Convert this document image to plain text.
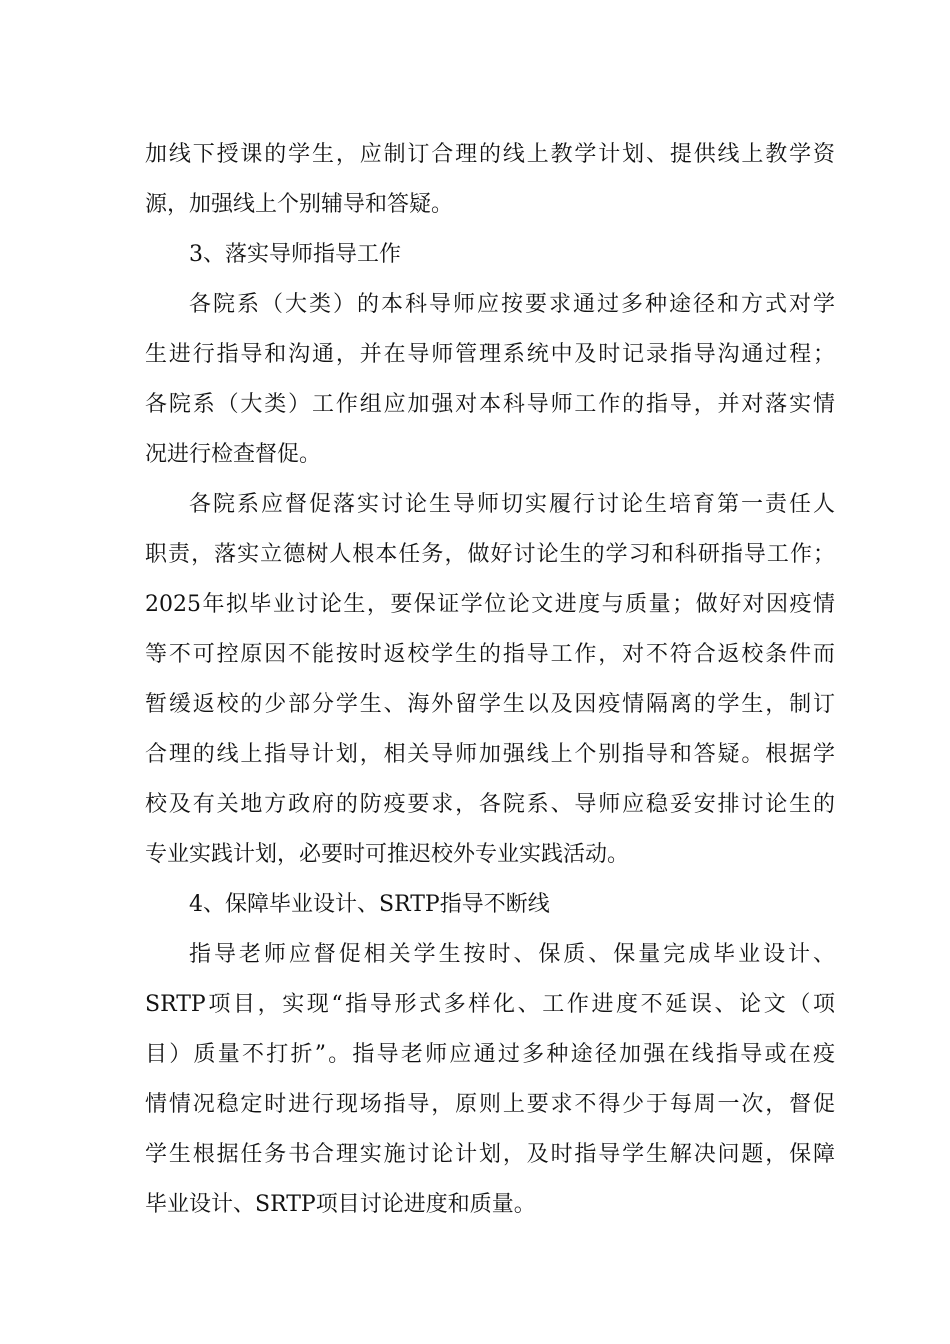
加线下授课的学生，应制订合理的线上教学计划、提供线上教学资
源，加强线上个别辅导和答疑。
3、落实导师指导工作
各院系（大类）的本科导师应按要求通过多种途径和方式对学
生进行指导和沟通，并在导师管理系统中及时记录指导沟通过程；
各院系（大类）工作组应加强对本科导师工作的指导，并对落实情
况进行检查督促。
各院系应督促落实讨论生导师切实履行讨论生培育第一责任人
职责，落实立德树人根本任务，做好讨论生的学习和科研指导工作；
2025年拟毕业讨论生，要保证学位论文进度与质量；做好对因疫情
等不可控原因不能按时返校学生的指导工作，对不符合返校条件而
暂缓返校的少部分学生、海外留学生以及因疫情隔离的学生，制订
合理的线上指导计划，相关导师加强线上个别指导和答疑。根据学
校及有关地方政府的防疫要求，各院系、导师应稳妥安排讨论生的
专业实践计划，必要时可推迟校外专业实践活动。
4、保障毕业设计、SRTP指导不断线
指导老师应督促相关学生按时、保质、保量完成毕业设计、
SRTP项目，实现“指导形式多样化、工作进度不延误、论文（项
目）质量不打折”。指导老师应通过多种途径加强在线指导或在疫
情情况稳定时进行现场指导，原则上要求不得少于每周一次，督促
学生根据任务书合理实施讨论计划，及时指导学生解决问题，保障
毕业设计、SRTP项目讨论进度和质量。
